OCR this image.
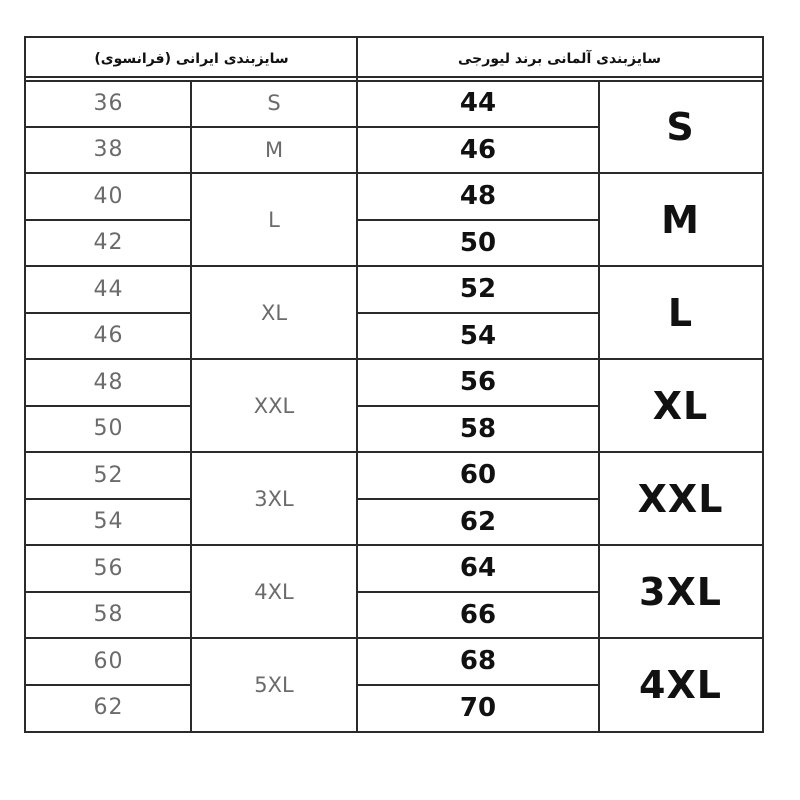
سایزبندی ایرانی (فرانسوی)	سایزبندی آلمانی برند لیورجی
36
38
40
42
44
46
48
50
52
54
56
58
60
62
S
M
L
XL
XXL
3XL
4XL
5XL
44
46
48
50
52
54
56
58
60
62
64
66
68
70
S
M
L
XL
XXL
3XL
4XL
